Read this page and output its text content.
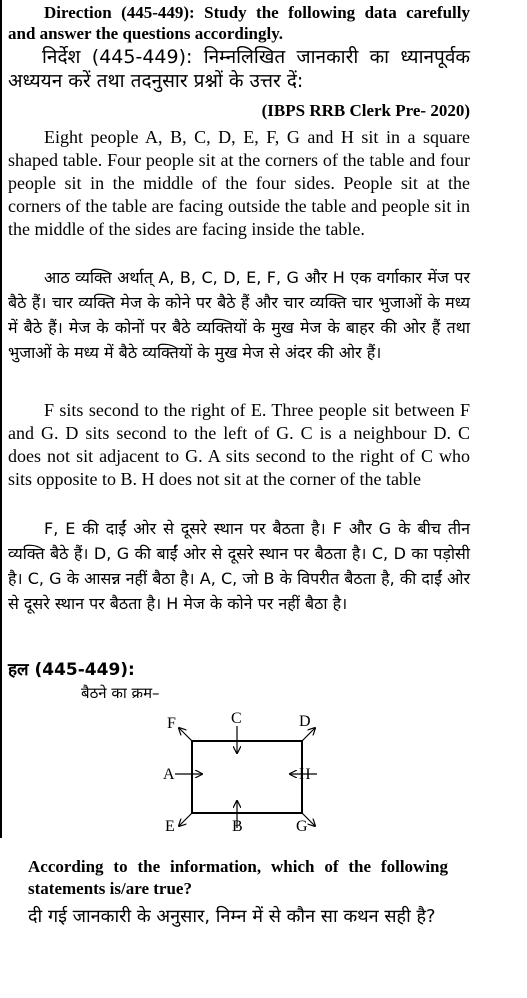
Direction (445-449): Study the following data carefully and answer the questions accordingly.
निर्देश (445-449): निम्नलिखित जानकारी का ध्यानपूर्वक अध्ययन करें तथा तदनुसार प्रश्नों के उत्तर दें:
(IBPS RRB Clerk Pre- 2020)
Eight people A, B, C, D, E, F, G and H sit in a square shaped table. Four people sit at the corners of the table and four people sit in the middle of the four sides. People sit at the corners of the table are facing outside the table and people sit in the middle of the sides are facing inside the table.
आठ व्यक्ति अर्थात् A, B, C, D, E, F, G और H एक वर्गाकार मेंज पर बैठे हैं। चार व्यक्ति मेज के कोने पर बैठे हैं और चार व्यक्ति चार भुजाओं के मध्य में बैठे हैं। मेज के कोनों पर बैठे व्यक्तियों के मुख मेज के बाहर की ओर हैं तथा भुजाओं के मध्य में बैठे व्यक्तियों के मुख मेज से अंदर की ओर हैं।
F sits second to the right of E. Three people sit between F and G. D sits second to the left of G. C is a neighbour D. C does not sit adjacent to G. A sits second to the right of C who sits opposite to B. H does not sit at the corner of the table
F, E की दाईं ओर से दूसरे स्थान पर बैठता है। F और G के बीच तीन व्यक्ति बैठे हैं। D, G की बाईं ओर से दूसरे स्थान पर बैठता है। C, D का पड़ोसी है। C, G के आसन्न नहीं बैठा है। A, C, जो B के विपरीत बैठता है, की दाईं ओर से दूसरे स्थान पर बैठता है। H मेज के कोने पर नहीं बैठा है।
हल (445-449):
बैठने का क्रम–
F	C	D
A	H
E	B	G
According to the information, which of the following statements is/are true?
दी गई जानकारी के अनुसार, निम्न में से कौन सा कथन सही है?
